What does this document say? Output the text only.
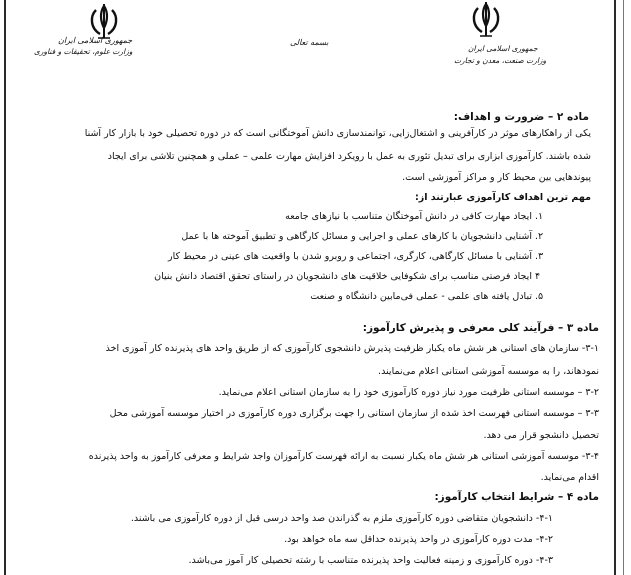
جمهوری اسلامی ایران
وزارت علوم، تحقیقات و فناوری
بسمه تعالی
جمهوری اسلامی ایران
وزارت صنعت، معدن و تجارت
ماده ۲ – ضرورت و اهداف:
یکی از راهکارهای موثر در کارآفرینی و اشتغال‌زایی، توانمندسازی دانش آموختگانی است که در دوره تحصیلی خود با بازار کار آشنا
شده باشند. کارآموزی ابزاری برای تبدیل تئوری به عمل با رویکرد افزایش مهارت علمی – عملی و همچنین تلاشی برای ایجاد
پیوندهایی بین محیط کار و مراکز آموزشی است.
مهم ترین اهداف کارآموزی عبارتند از:
۱. ایجاد مهارت کافی در دانش آموختگان متناسب با نیازهای جامعه
۲. آشنایی دانشجویان با کارهای عملی و اجرایی و مسائل کارگاهی و تطبیق آموخته ها با عمل
۳. آشنایی با مسائل کارگاهی، کارگری، اجتماعی و روبرو شدن با واقعیت های عینی در محیط کار
۴ ایجاد فرصتی مناسب برای شکوفایی خلاقیت های دانشجویان در راستای تحقق اقتصاد دانش بنیان
۵. تبادل یافته های علمی - عملی فی‌مابین دانشگاه و صنعت
ماده ۳ – فرآیند کلی معرفی و پذیرش کارآموز:
۳-۱- سازمان های استانی هر شش ماه یکبار ظرفیت پذیرش دانشجوی کارآموزی که از طریق واحد های پذیرنده کار آموزی اخذ
نمودهاند، را به موسسه آموزشی استانی اعلام می‌نمایند.
۳-۲ – موسسه استانی ظرفیت مورد نیاز دوره کارآموزی خود را به سازمان استانی اعلام می‌نماید.
۳-۳ – موسسه استانی فهرست اخذ شده از سازمان استانی را جهت برگزاری دوره کارآموزی در اختیار موسسه آموزشی محل
تحصیل دانشجو قرار می دهد.
۳-۴- موسسه آموزشی استانی هر شش ماه یکبار نسبت به ارائه فهرست کارآموزان واجد شرایط و معرفی کارآموز به واحد پذیرنده
اقدام می‌نماید.
ماده ۴ – شرایط انتخاب کارآموز:
۴-۱- دانشجویان متقاضی دوره کارآموزی ملزم به گذراندن صد واحد درسی قبل از دوره کارآموزی می باشند.
۴-۲- مدت دوره کارآموزی در واحد پذیرنده حداقل سه ماه خواهد بود.
۴-۳- دوره کارآموزی و زمینه فعالیت واحد پذیرنده متناسب با رشته تحصیلی کار آموز می‌باشد.
